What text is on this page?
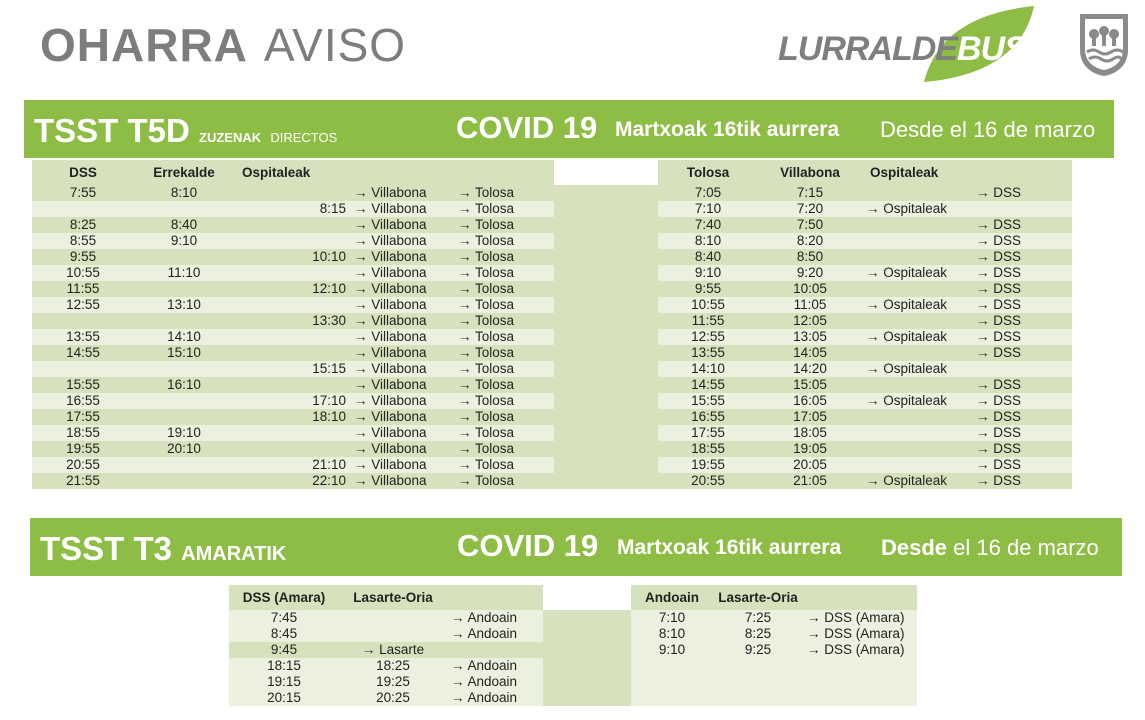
OHARRA AVISO	LURRALDEBUS
TSST T5D ZUZENAK DIRECTOS	COVID 19 Martxoak 16tik aurrera Desde el 16 de marzo
DSS	Errekalde	Ospitaleak				Tolosa	Villabona	Ospitaleak	
7:55	8:10		→ Villabona	→ Tolosa		7:05	7:15		→ DSS
		8:15	→ Villabona	→ Tolosa		7:10	7:20	→ Ospitaleak	
8:25	8:40		→ Villabona	→ Tolosa		7:40	7:50		→ DSS
8:55	9:10		→ Villabona	→ Tolosa		8:10	8:20		→ DSS
9:55		10:10	→ Villabona	→ Tolosa		8:40	8:50		→ DSS
10:55	11:10		→ Villabona	→ Tolosa		9:10	9:20	→ Ospitaleak	→ DSS
11:55		12:10	→ Villabona	→ Tolosa		9:55	10:05		→ DSS
12:55	13:10		→ Villabona	→ Tolosa		10:55	11:05	→ Ospitaleak	→ DSS
		13:30	→ Villabona	→ Tolosa		11:55	12:05		→ DSS
13:55	14:10		→ Villabona	→ Tolosa		12:55	13:05	→ Ospitaleak	→ DSS
14:55	15:10		→ Villabona	→ Tolosa		13:55	14:05		→ DSS
		15:15	→ Villabona	→ Tolosa		14:10	14:20	→ Ospitaleak	
15:55	16:10		→ Villabona	→ Tolosa		14:55	15:05		→ DSS
16:55		17:10	→ Villabona	→ Tolosa		15:55	16:05	→ Ospitaleak	→ DSS
17:55		18:10	→ Villabona	→ Tolosa		16:55	17:05		→ DSS
18:55	19:10		→ Villabona	→ Tolosa		17:55	18:05		→ DSS
19:55	20:10		→ Villabona	→ Tolosa		18:55	19:05		→ DSS
20:55		21:10	→ Villabona	→ Tolosa		19:55	20:05		→ DSS
21:55		22:10	→ Villabona	→ Tolosa		20:55	21:05	→ Ospitaleak	→ DSS
TSST T3 AMARATIK	COVID 19 Martxoak 16tik aurrera Desde el 16 de marzo
DSS (Amara)	Lasarte-Oria			Andoain	Lasarte-Oria	
7:45		→ Andoain		7:10	7:25	→ DSS (Amara)
8:45		→ Andoain		8:10	8:25	→ DSS (Amara)
9:45	→ Lasarte			9:10	9:25	→ DSS (Amara)
18:15	18:25	→ Andoain				
19:15	19:25	→ Andoain				
20:15	20:25	→ Andoain				
